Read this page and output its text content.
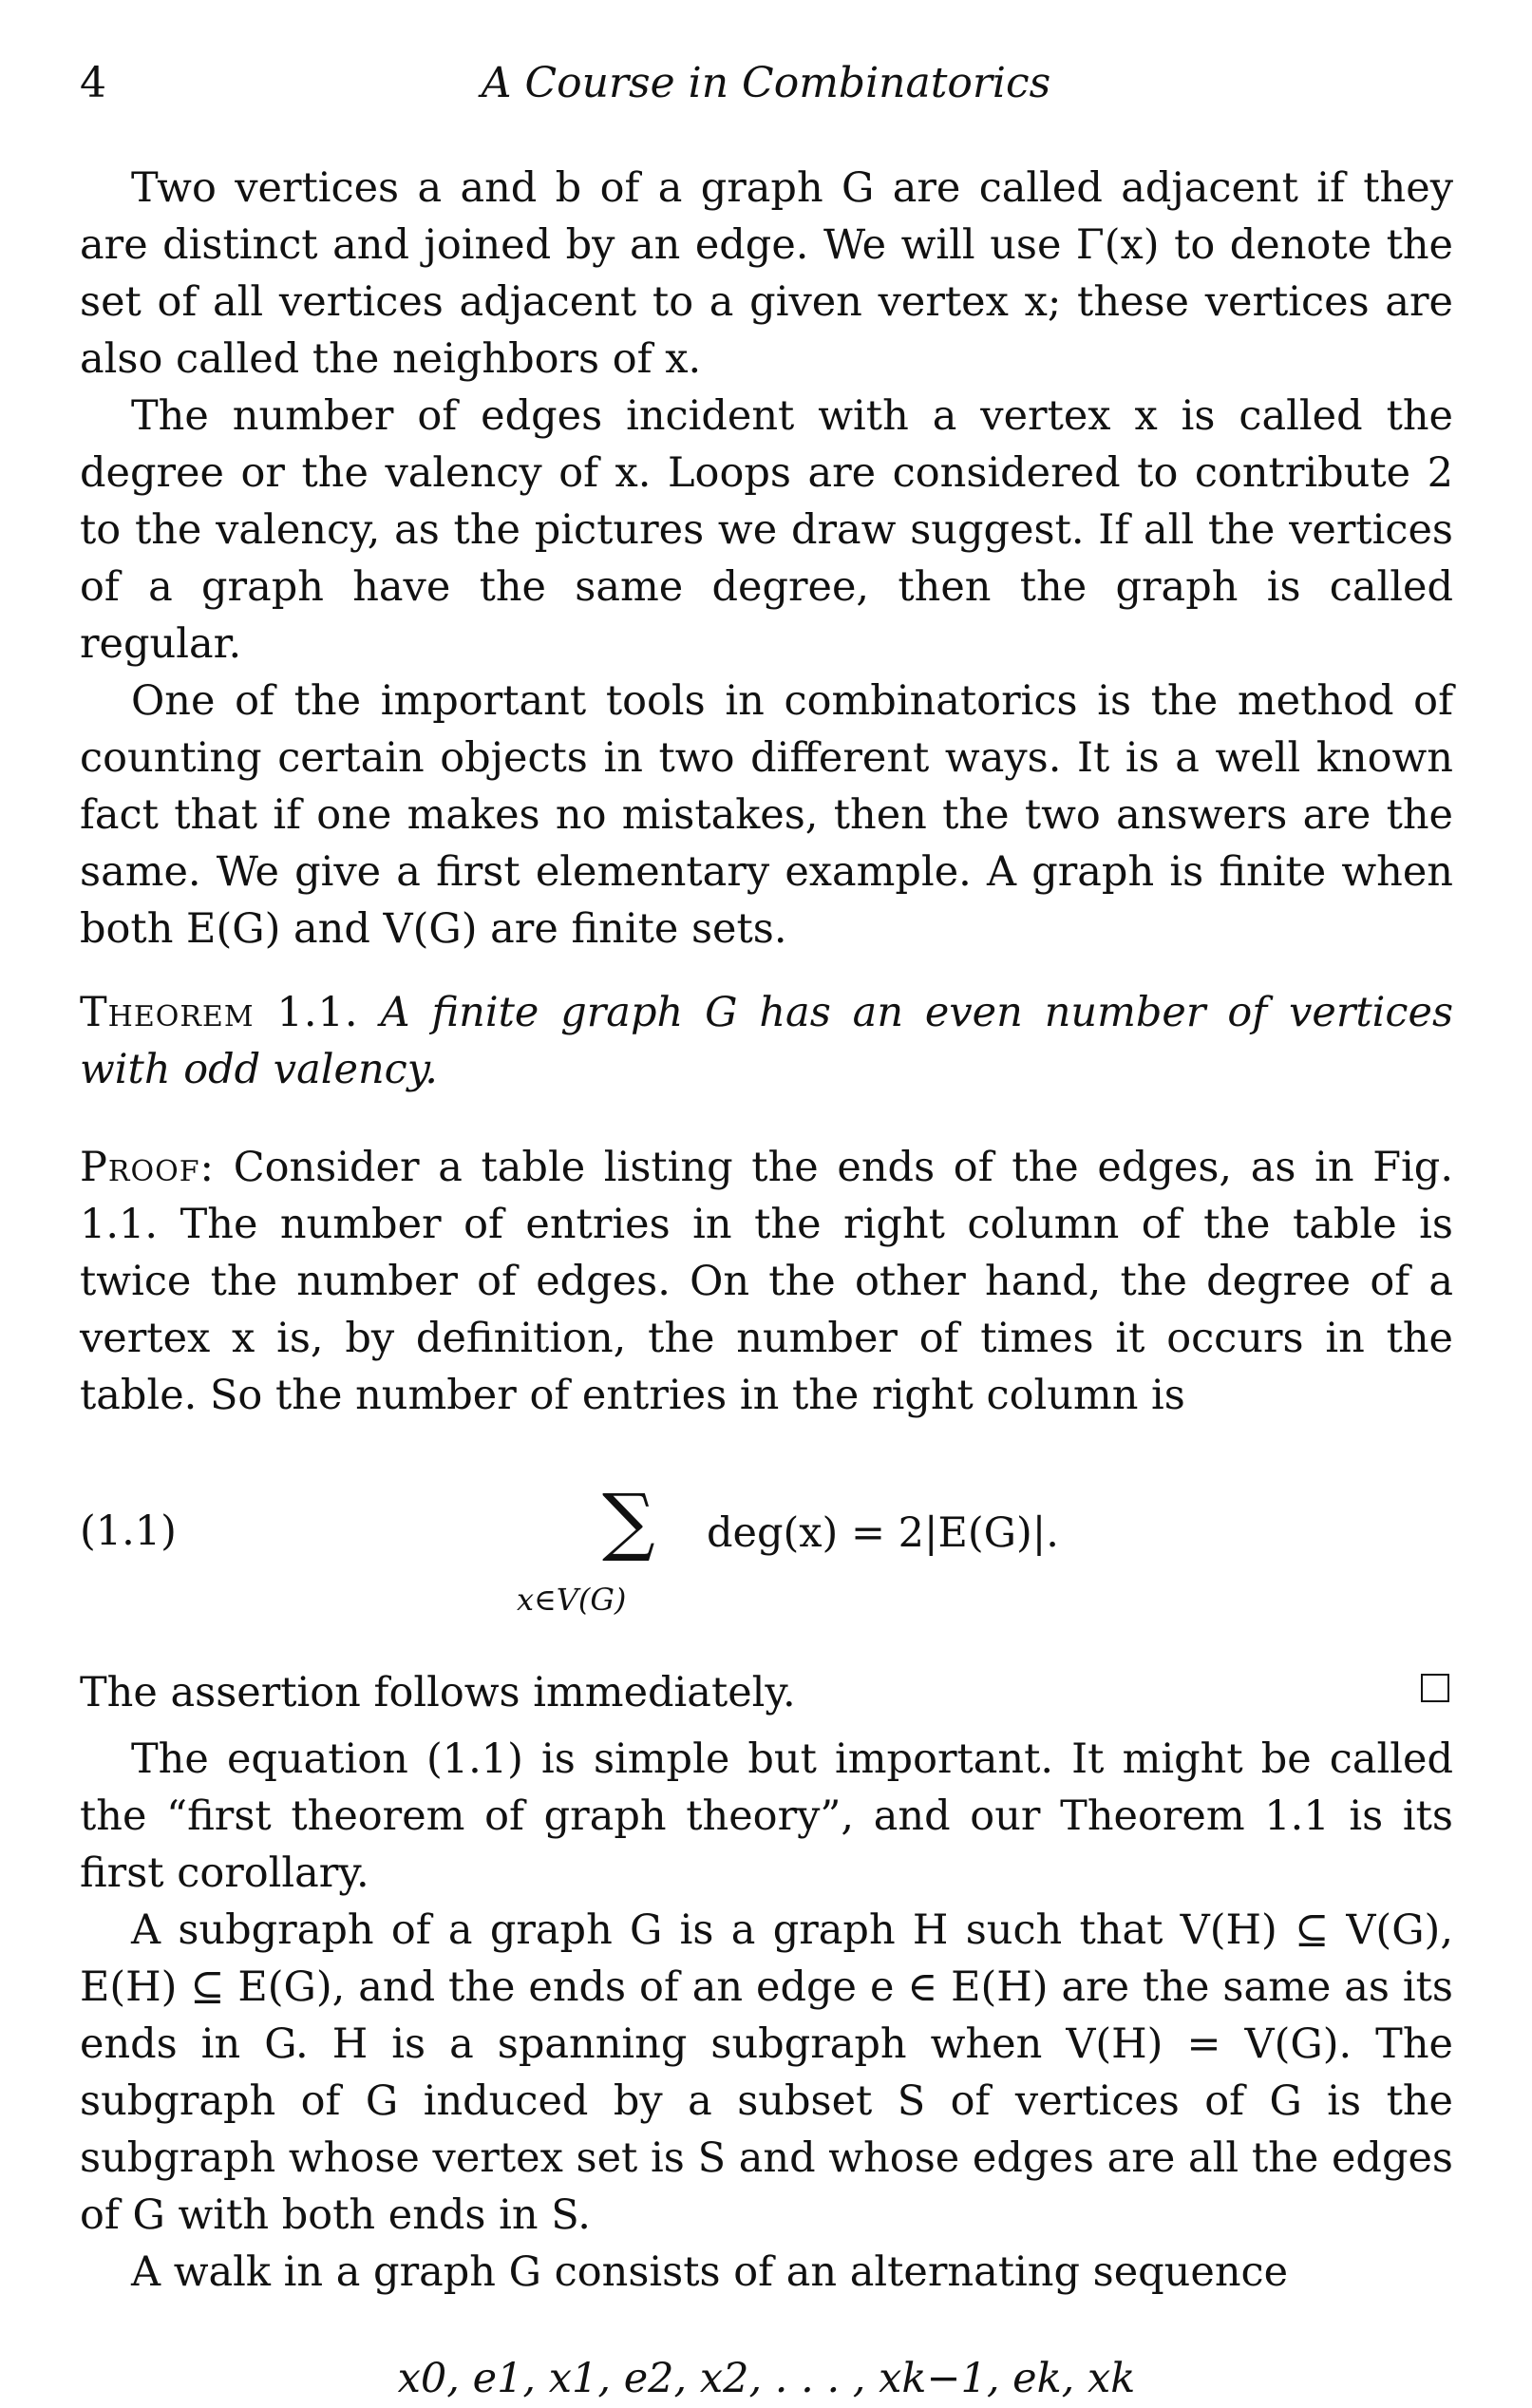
4	A Course in Combinatorics

Two vertices a and b of a graph G are called adjacent if they are distinct and joined by an edge. We will use Γ(x) to denote the set of all vertices adjacent to a given vertex x; these vertices are also called the neighbors of x.

The number of edges incident with a vertex x is called the degree or the valency of x. Loops are considered to contribute 2 to the valency, as the pictures we draw suggest. If all the vertices of a graph have the same degree, then the graph is called regular.

One of the important tools in combinatorics is the method of counting certain objects in two different ways. It is a well known fact that if one makes no mistakes, then the two answers are the same. We give a first elementary example. A graph is finite when both E(G) and V(G) are finite sets.

Theorem 1.1. A finite graph G has an even number of vertices with odd valency.

Proof: Consider a table listing the ends of the edges, as in Fig. 1.1. The number of entries in the right column of the table is twice the number of edges. On the other hand, the degree of a vertex x is, by definition, the number of times it occurs in the table. So the number of entries in the right column is

(1.1)	∑
x∈V(G)
deg(x) = 2|E(G)|.
The assertion follows immediately.

The equation (1.1) is simple but important. It might be called the “first theorem of graph theory”, and our Theorem 1.1 is its first corollary.

A subgraph of a graph G is a graph H such that V(H) ⊆ V(G), E(H) ⊆ E(G), and the ends of an edge e ∈ E(H) are the same as its ends in G. H is a spanning subgraph when V(H) = V(G). The subgraph of G induced by a subset S of vertices of G is the subgraph whose vertex set is S and whose edges are all the edges of G with both ends in S.

A walk in a graph G consists of an alternating sequence

x0, e1, x1, e2, x2, . . . , xk−1, ek, xk
